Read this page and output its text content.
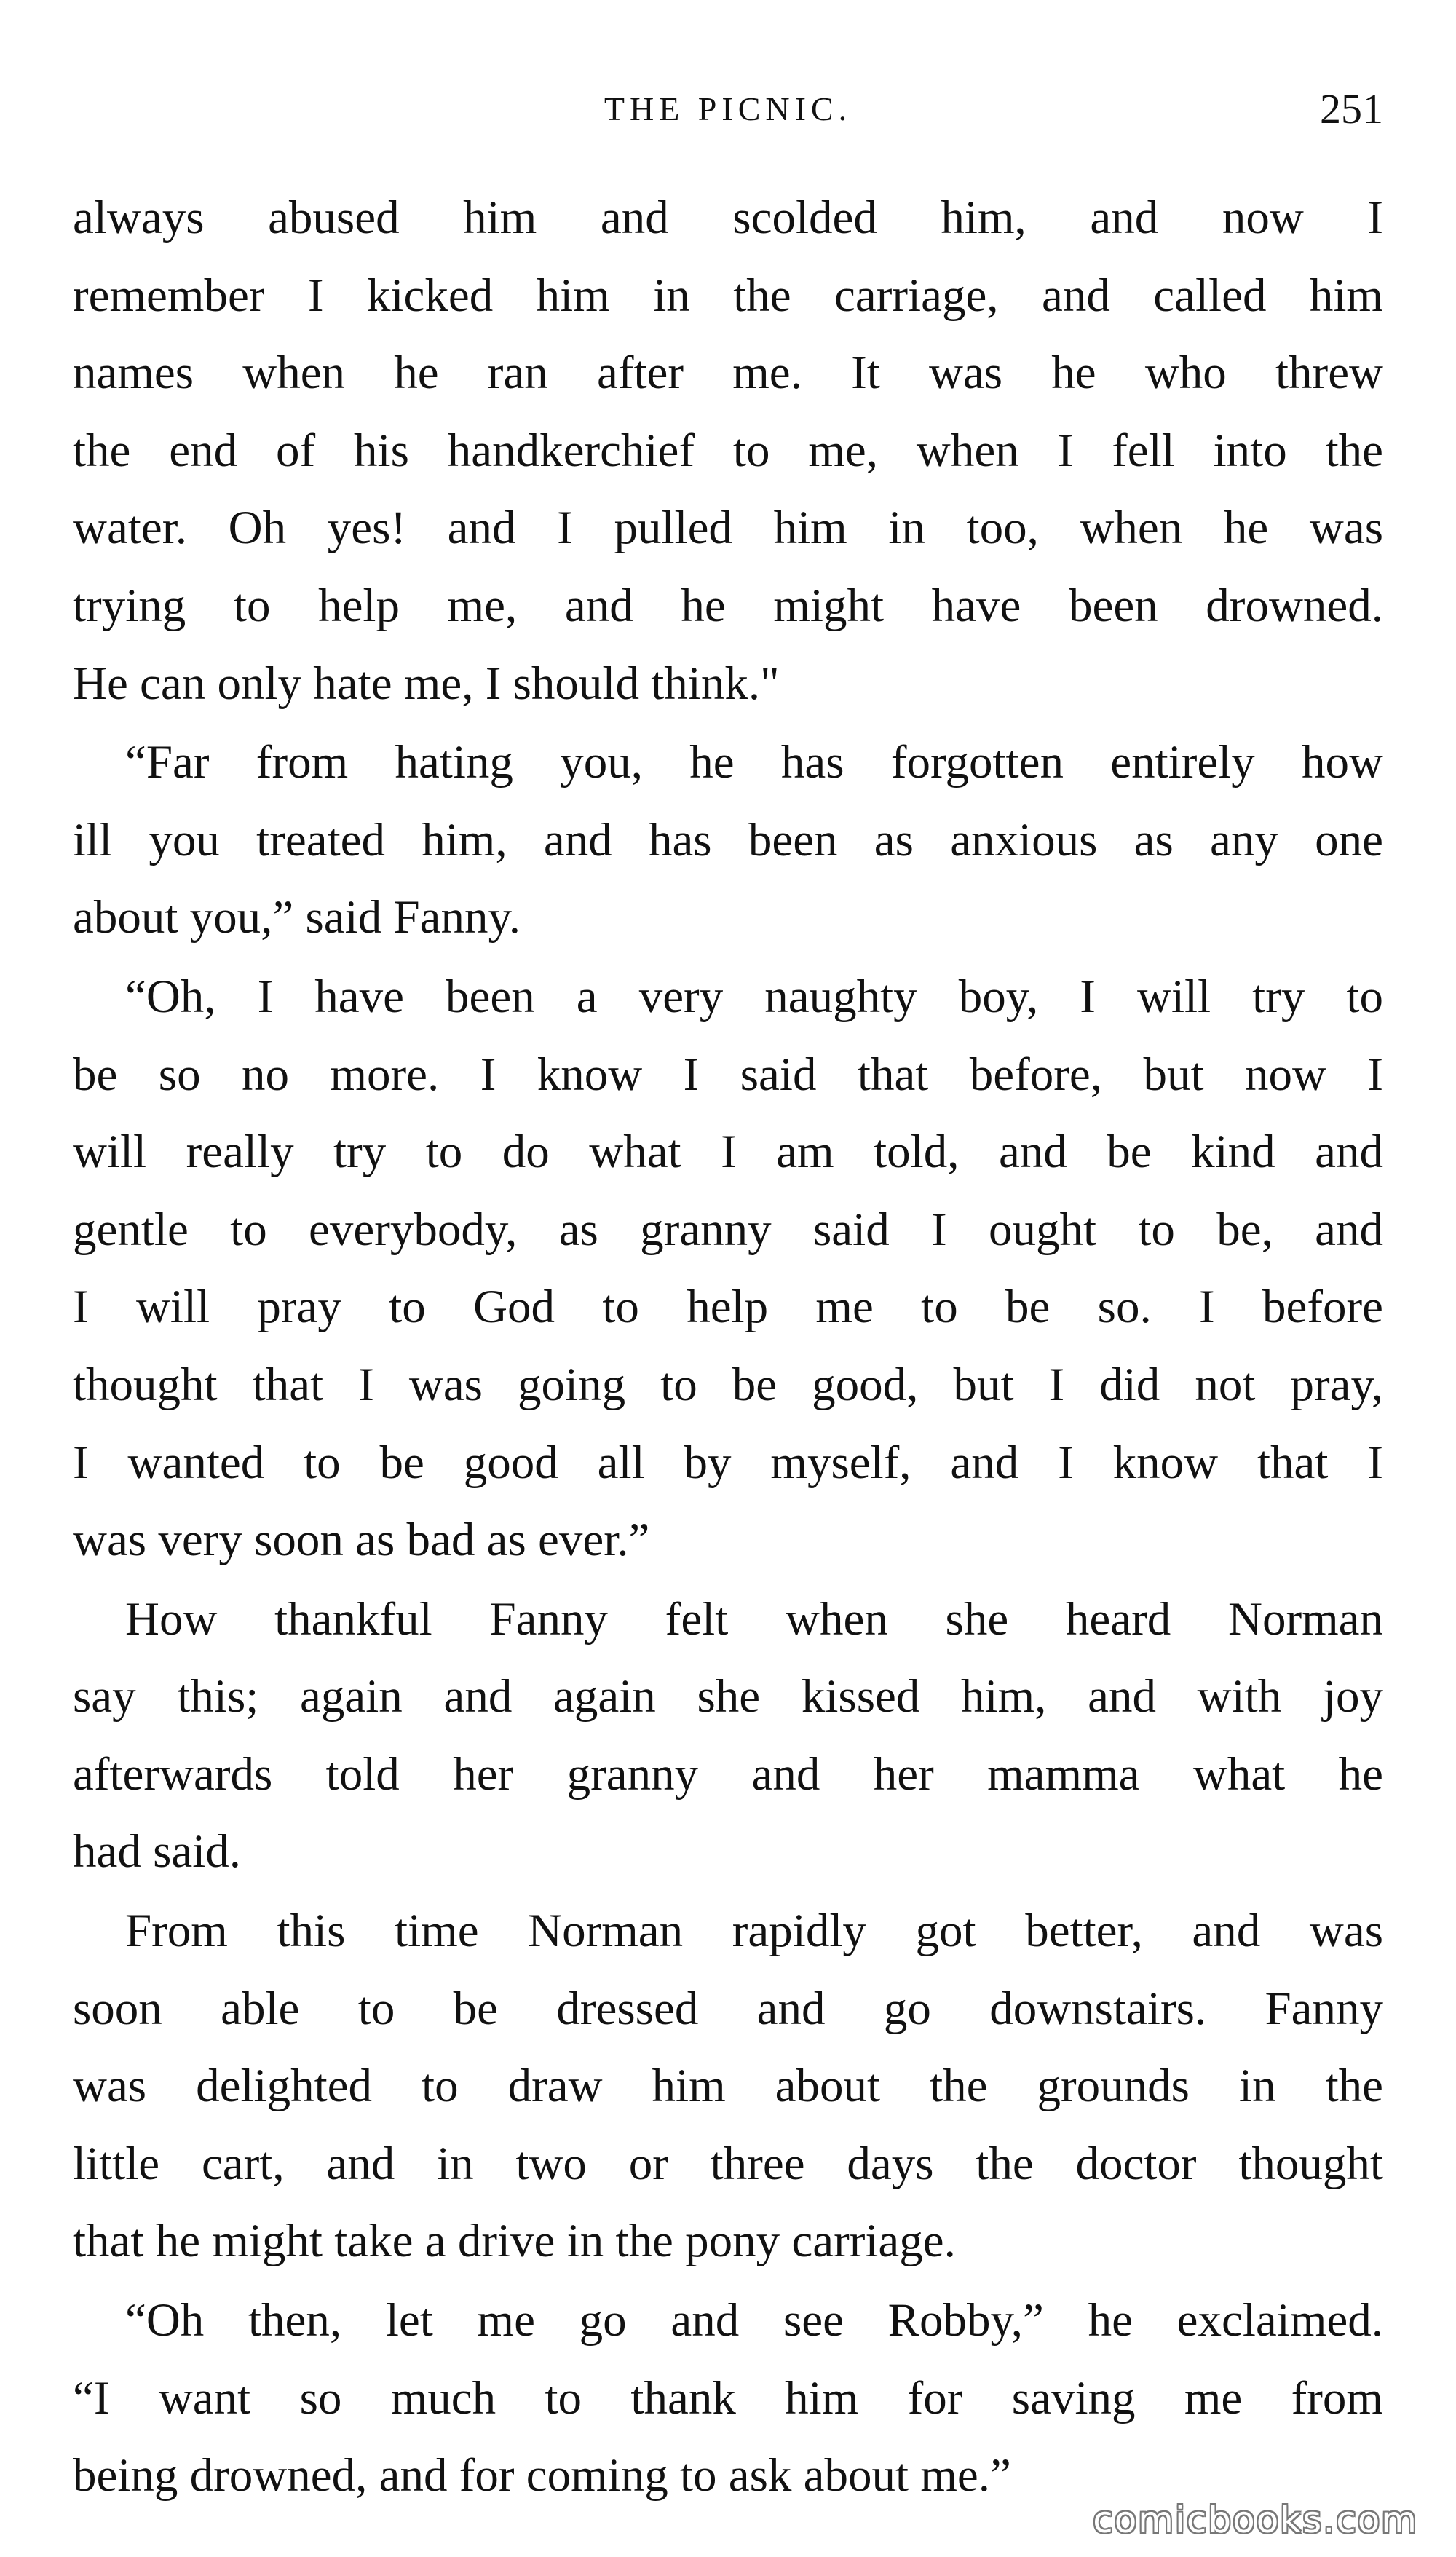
THE PICNIC.	251
always abused him and scolded him, and now I
remember I kicked him in the carriage, and called him
names when he ran after me. It was he who threw
the end of his handkerchief to me, when I fell into the
water. Oh yes! and I pulled him in too, when he was
trying to help me, and he might have been drowned.
He can only hate me, I should think."
“Far from hating you, he has forgotten entirely how
ill you treated him, and has been as anxious as any one
about you,” said Fanny.
“Oh, I have been a very naughty boy, I will try to
be so no more. I know I said that before, but now I
will really try to do what I am told, and be kind and
gentle to everybody, as granny said I ought to be, and
I will pray to God to help me to be so. I before
thought that I was going to be good, but I did not pray,
I wanted to be good all by myself, and I know that I
was very soon as bad as ever.”
How thankful Fanny felt when she heard Norman
say this; again and again she kissed him, and with joy
afterwards told her granny and her mamma what he
had said.
From this time Norman rapidly got better, and was
soon able to be dressed and go downstairs. Fanny
was delighted to draw him about the grounds in the
little cart, and in two or three days the doctor thought
that he might take a drive in the pony carriage.
“Oh then, let me go and see Robby,” he exclaimed.
“I want so much to thank him for saving me from
being drowned, and for coming to ask about me.”
comicbooks.com
